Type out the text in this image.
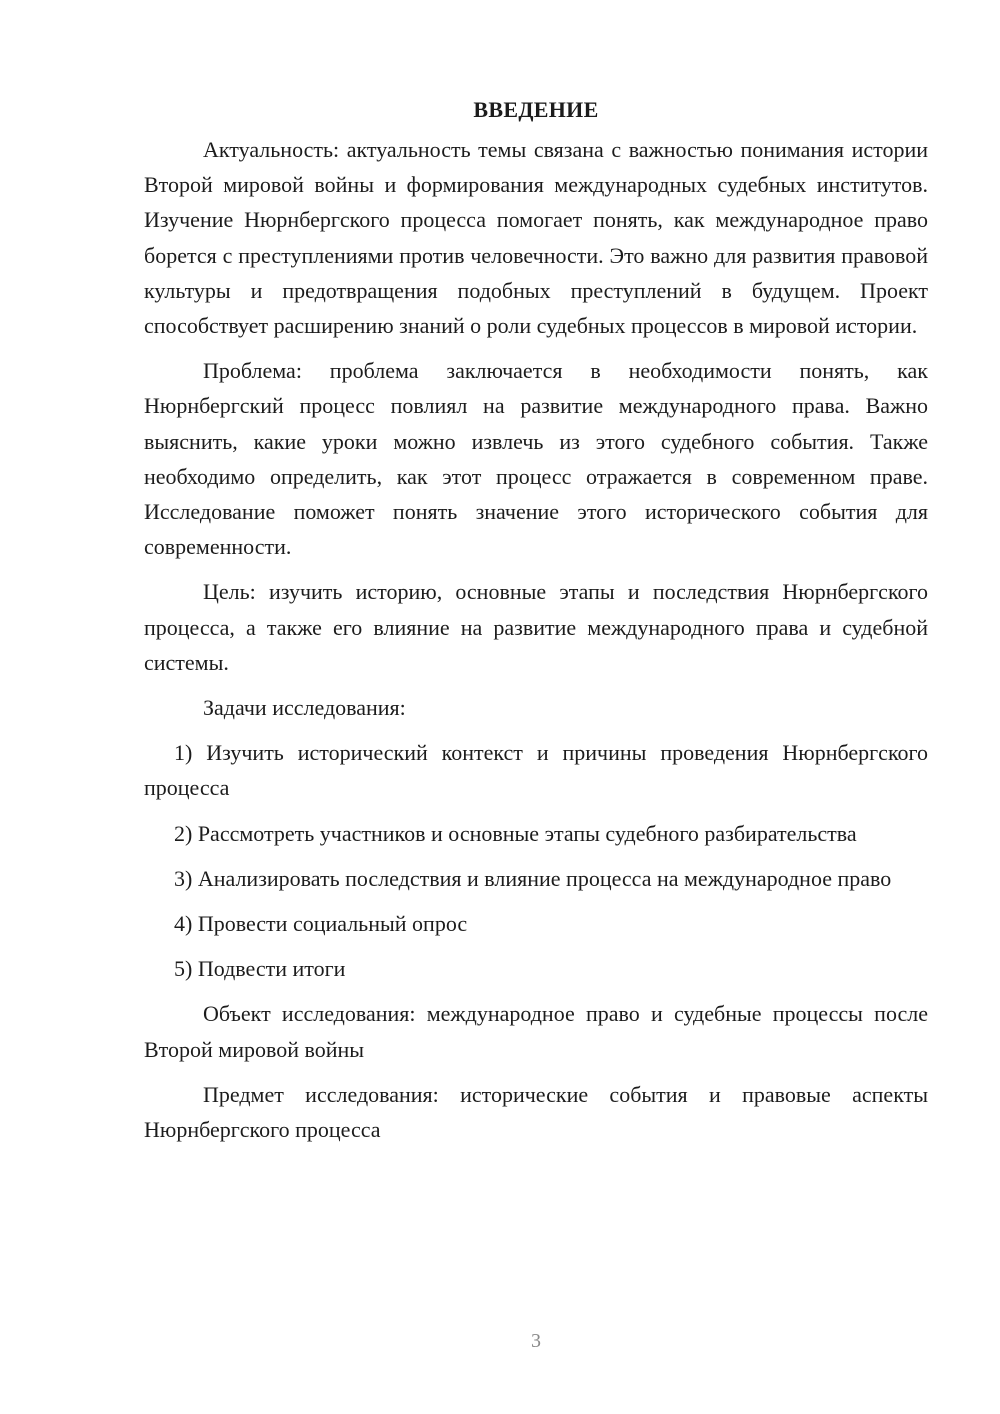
ВВЕДЕНИЕ

Актуальность: актуальность темы связана с важностью понимания истории Второй мировой войны и формирования международных судебных институтов. Изучение Нюрнбергского процесса помогает понять, как международное право борется с преступлениями против человечности. Это важно для развития правовой культуры и предотвращения подобных преступлений в будущем. Проект способствует расширению знаний о роли судебных процессов в мировой истории.

Проблема: проблема заключается в необходимости понять, как Нюрнбергский процесс повлиял на развитие международного права. Важно выяснить, какие уроки можно извлечь из этого судебного события. Также необходимо определить, как этот процесс отражается в современном праве. Исследование поможет понять значение этого исторического события для современности.

Цель: изучить историю, основные этапы и последствия Нюрнбергского процесса, а также его влияние на развитие международного права и судебной системы.

Задачи исследования:

1) Изучить исторический контекст и причины проведения Нюрнбергского процесса

2) Рассмотреть участников и основные этапы судебного разбирательства

3) Анализировать последствия и влияние процесса на международное право

4) Провести социальный опрос

5) Подвести итоги

Объект исследования: международное право и судебные процессы после Второй мировой войны

Предмет исследования: исторические события и правовые аспекты Нюрнбергского процесса

3
